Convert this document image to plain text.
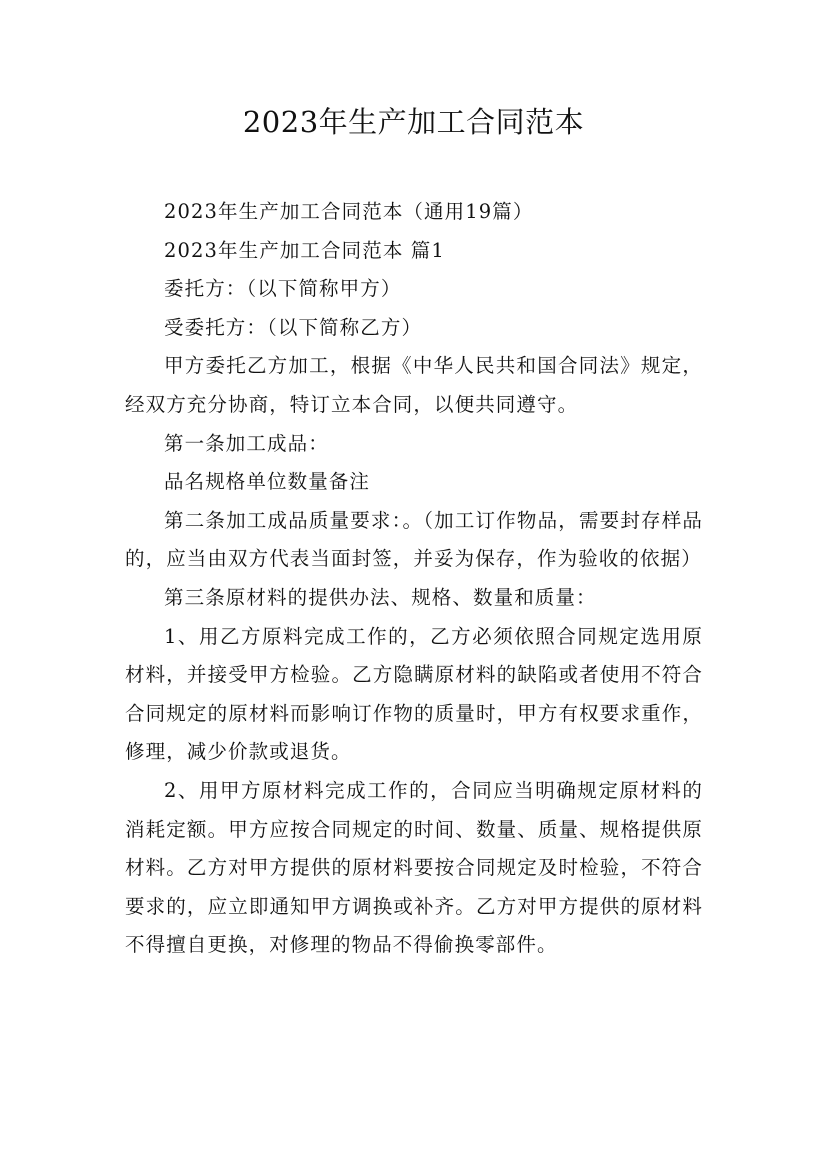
2023年生产加工合同范本

2023年生产加工合同范本（通用19篇）

2023年生产加工合同范本 篇1

委托方：（以下简称甲方）

受委托方：（以下简称乙方）

甲方委托乙方加工，根据《中华人民共和国合同法》规定，经双方充分协商，特订立本合同，以便共同遵守。

第一条加工成品：

品名规格单位数量备注

第二条加工成品质量要求：。（加工订作物品，需要封存样品的，应当由双方代表当面封签，并妥为保存，作为验收的依据）

第三条原材料的提供办法、规格、数量和质量：

1、用乙方原料完成工作的，乙方必须依照合同规定选用原材料，并接受甲方检验。乙方隐瞒原材料的缺陷或者使用不符合合同规定的原材料而影响订作物的质量时，甲方有权要求重作，修理，减少价款或退货。

2、用甲方原材料完成工作的，合同应当明确规定原材料的消耗定额。甲方应按合同规定的时间、数量、质量、规格提供原材料。乙方对甲方提供的原材料要按合同规定及时检验，不符合要求的，应立即通知甲方调换或补齐。乙方对甲方提供的原材料不得擅自更换，对修理的物品不得偷换零部件。
